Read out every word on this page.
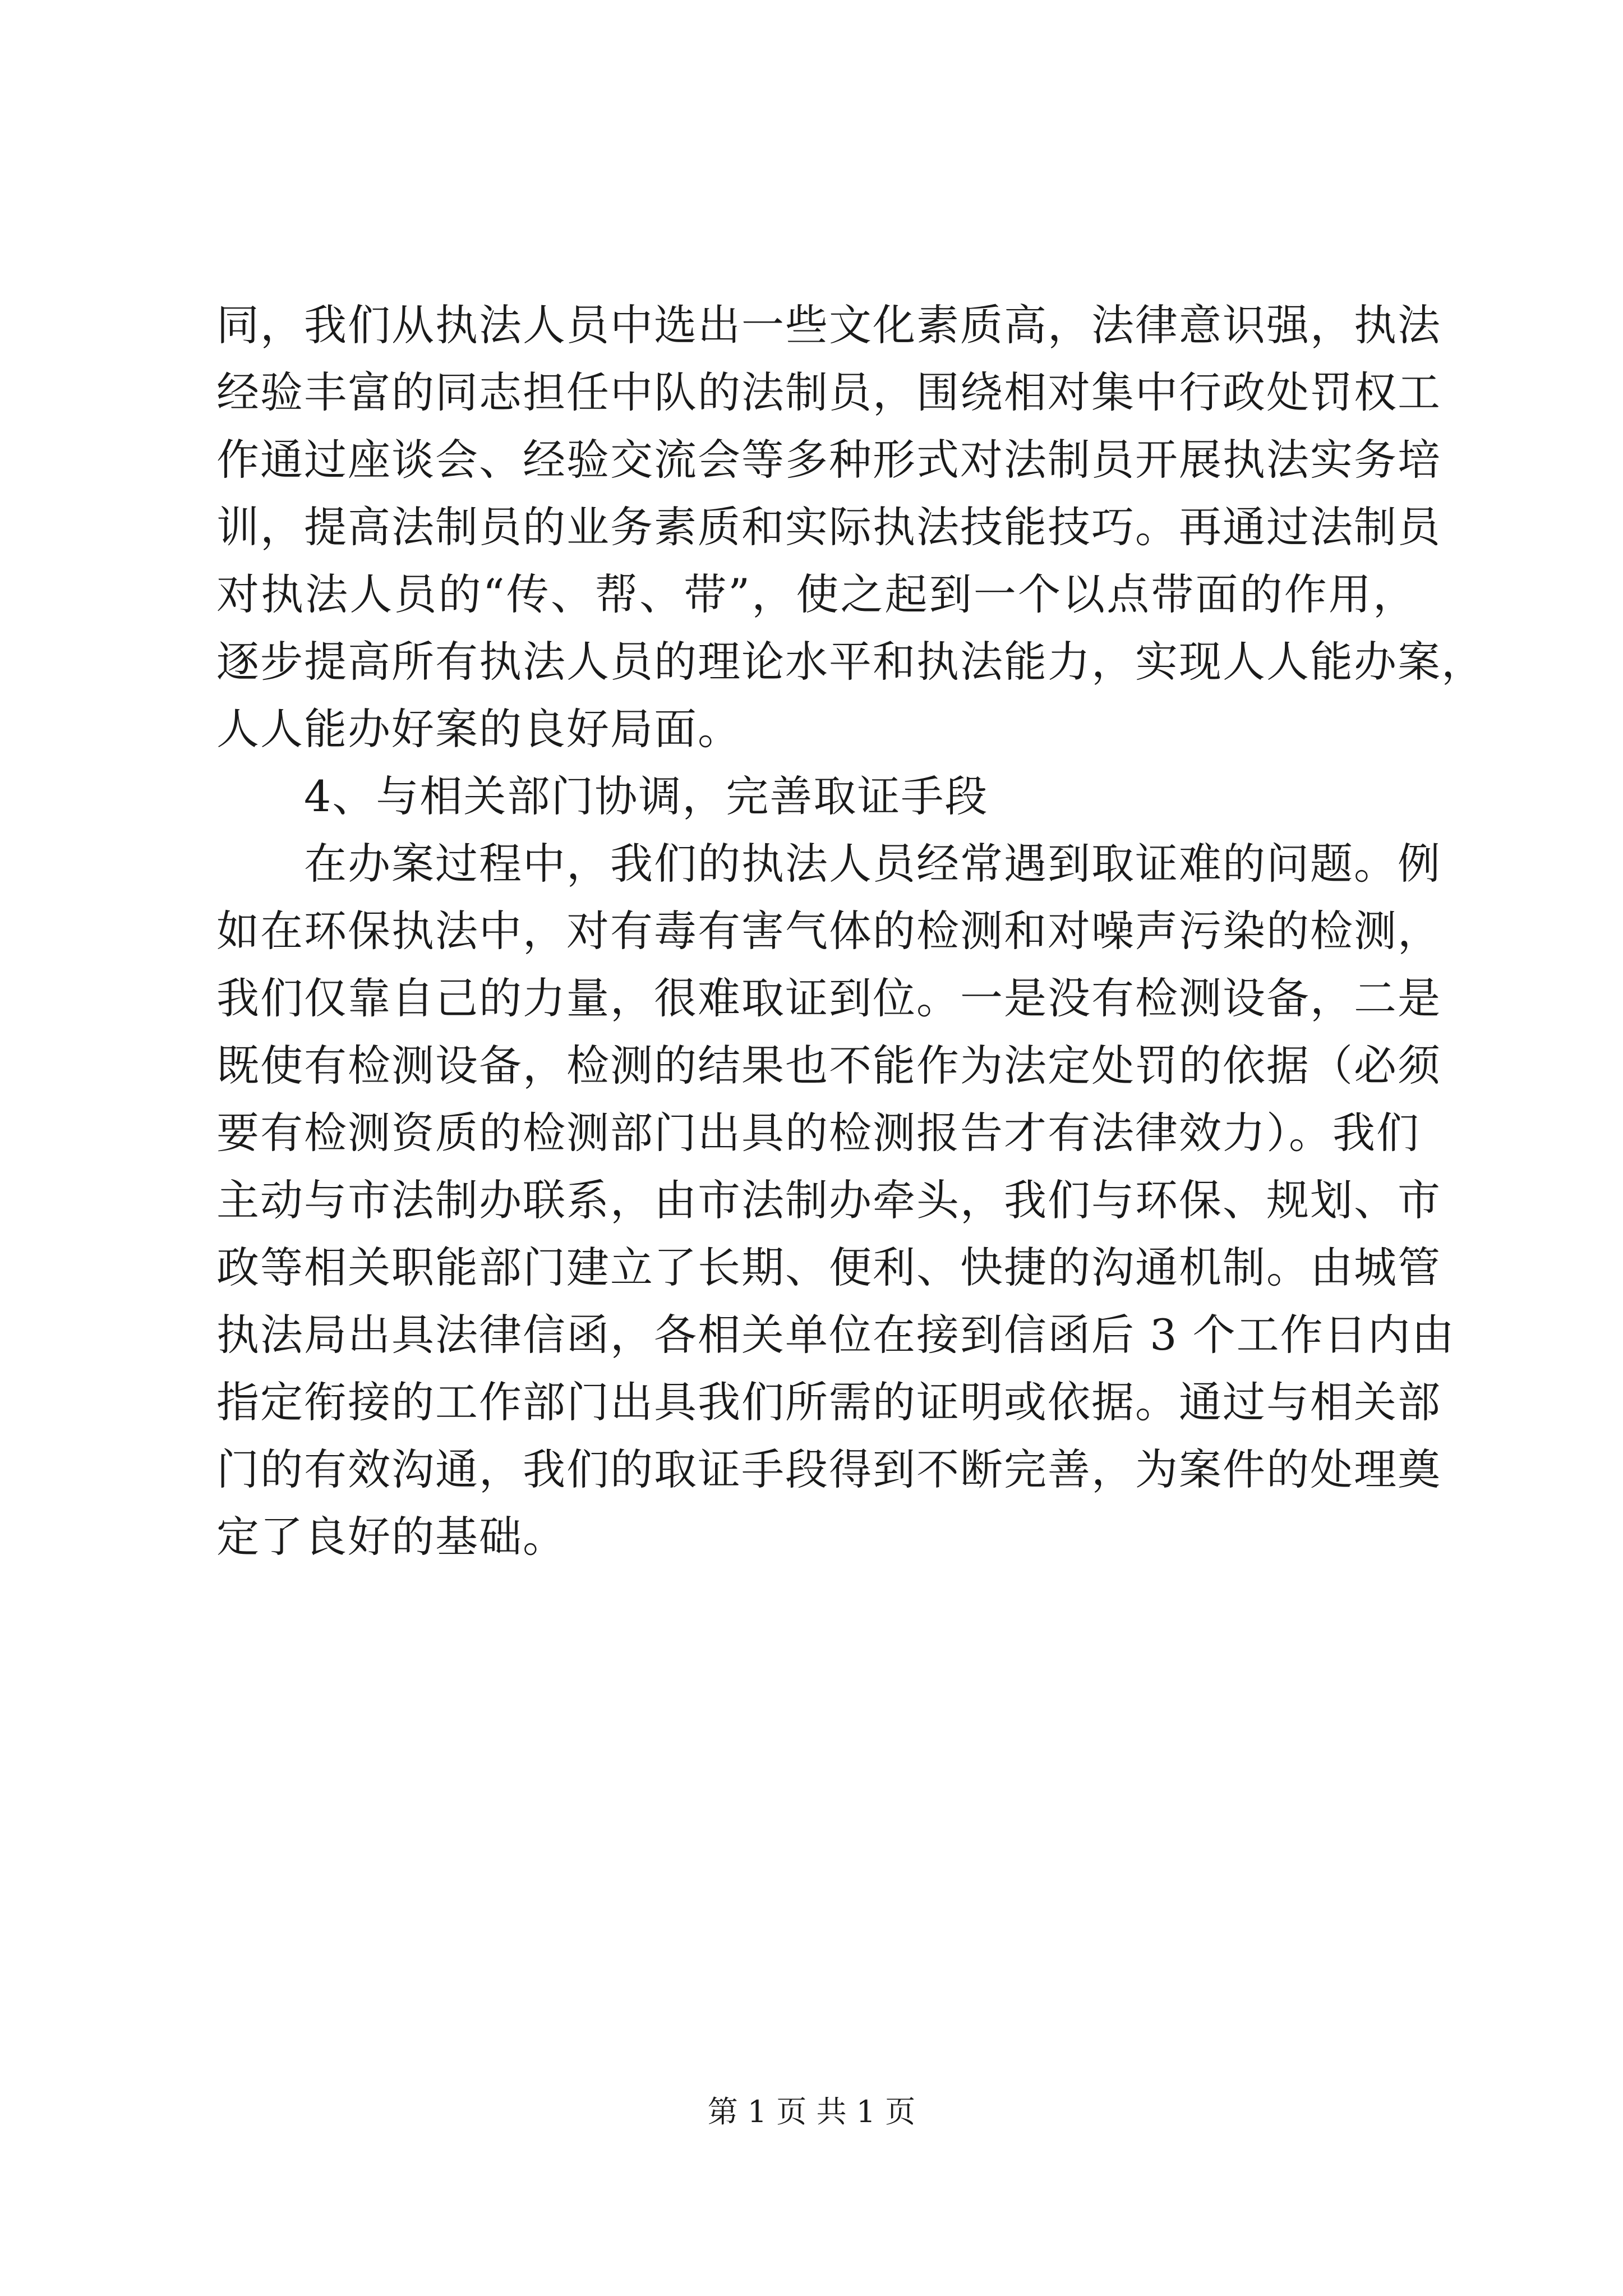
同，我们从执法人员中选出一些文化素质高，法律意识强，执法
经验丰富的同志担任中队的法制员，围绕相对集中行政处罚权工
作通过座谈会、经验交流会等多种形式对法制员开展执法实务培
训，提高法制员的业务素质和实际执法技能技巧。再通过法制员
对执法人员的“传、帮、带”，使之起到一个以点带面的作用，
逐步提高所有执法人员的理论水平和执法能力，实现人人能办案，
人人能办好案的良好局面。
4、与相关部门协调，完善取证手段
在办案过程中，我们的执法人员经常遇到取证难的问题。例
如在环保执法中，对有毒有害气体的检测和对噪声污染的检测，
我们仅靠自己的力量，很难取证到位。一是没有检测设备，二是
既使有检测设备，检测的结果也不能作为法定处罚的依据（必须
要有检测资质的检测部门出具的检测报告才有法律效力）。我们
主动与市法制办联系，由市法制办牵头，我们与环保、规划、市
政等相关职能部门建立了长期、便利、快捷的沟通机制。由城管
执法局出具法律信函，各相关单位在接到信函后 3 个工作日内由
指定衔接的工作部门出具我们所需的证明或依据。通过与相关部
门的有效沟通，我们的取证手段得到不断完善，为案件的处理奠
定了良好的基础。
第 1 页 共 1 页
